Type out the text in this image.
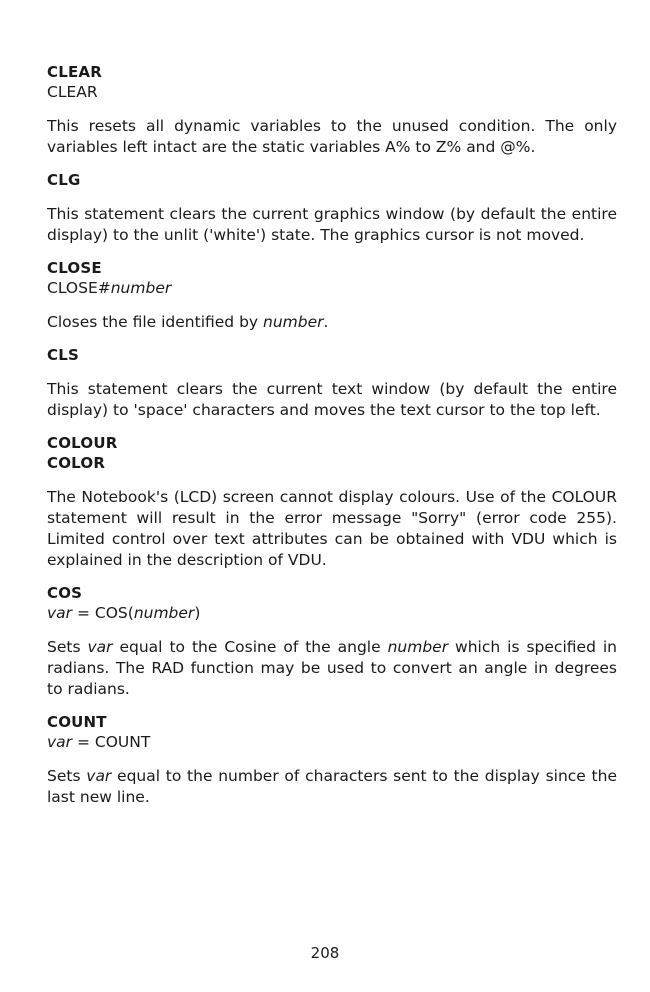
CLEAR
CLEAR

This resets all dynamic variables to the unused condition. The only variables left intact are the static variables A% to Z% and @%.

CLG

This statement clears the current graphics window (by default the entire display) to the unlit ('white') state. The graphics cursor is not moved.

CLOSE
CLOSE#number

Closes the file identified by number.

CLS

This statement clears the current text window (by default the entire display) to 'space' characters and moves the text cursor to the top left.

COLOUR
COLOR

The Notebook's (LCD) screen cannot display colours. Use of the COLOUR statement will result in the error message "Sorry" (error code 255). Limited control over text attributes can be obtained with VDU which is explained in the description of VDU.

COS
var = COS(number)

Sets var equal to the Cosine of the angle number which is specified in radians. The RAD function may be used to convert an angle in degrees to radians.

COUNT
var = COUNT

Sets var equal to the number of characters sent to the display since the last new line.

208
